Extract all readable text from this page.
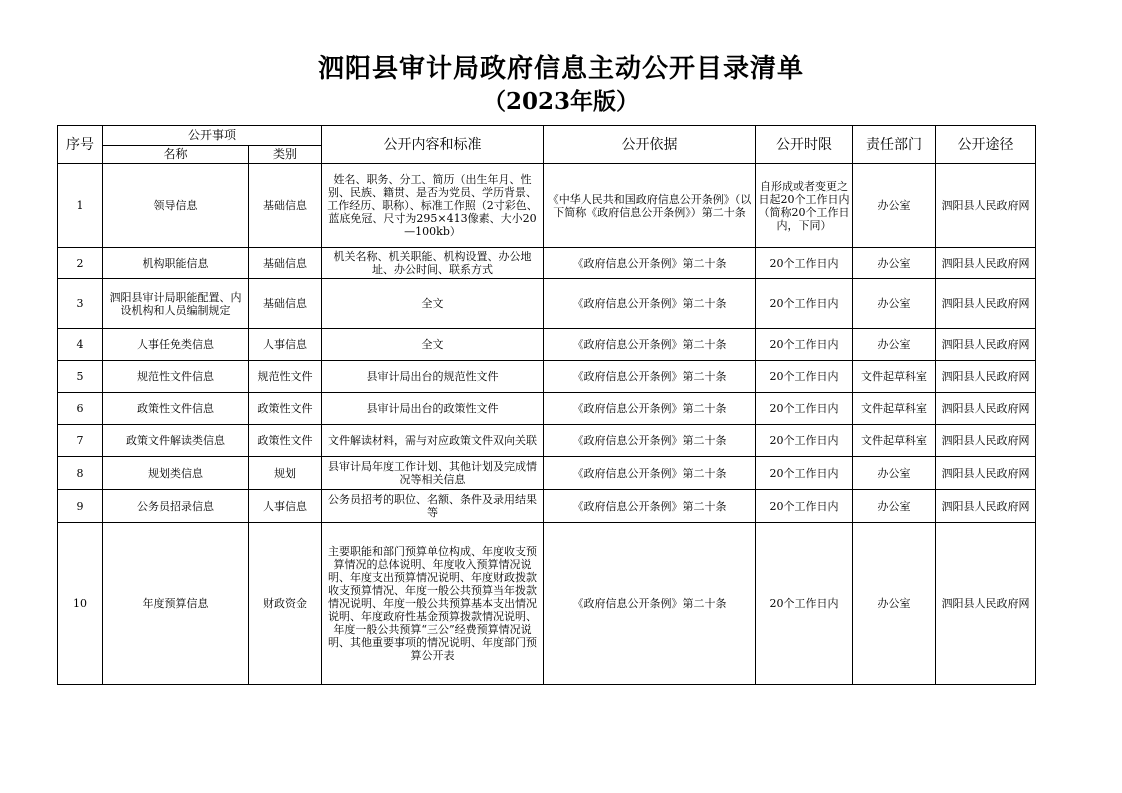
泗阳县审计局政府信息主动公开目录清单
（2023年版）
序号	公开事项		公开内容和标准	公开依据	公开时限	责任部门	公开途径
	名称	类别					
1	领导信息	基础信息	姓名、职务、分工、简历（出生年月、性别、民族、籍贯、是否为党员、学历背景、工作经历、职称）、标准工作照（2寸彩色、蓝底免冠、尺寸为295×413像素、大小20—100kb）	《中华人民共和国政府信息公开条例》（以下简称《政府信息公开条例》）第二十条	自形成或者变更之日起20个工作日内（简称20个工作日内，下同）	办公室	泗阳县人民政府网
2	机构职能信息	基础信息	机关名称、机关职能、机构设置、办公地址、办公时间、联系方式	《政府信息公开条例》第二十条	20个工作日内	办公室	泗阳县人民政府网
3	泗阳县审计局职能配置、内设机构和人员编制规定	基础信息	全文	《政府信息公开条例》第二十条	20个工作日内	办公室	泗阳县人民政府网
4	人事任免类信息	人事信息	全文	《政府信息公开条例》第二十条	20个工作日内	办公室	泗阳县人民政府网
5	规范性文件信息	规范性文件	县审计局出台的规范性文件	《政府信息公开条例》第二十条	20个工作日内	文件起草科室	泗阳县人民政府网
6	政策性文件信息	政策性文件	县审计局出台的政策性文件	《政府信息公开条例》第二十条	20个工作日内	文件起草科室	泗阳县人民政府网
7	政策文件解读类信息	政策性文件	文件解读材料，需与对应政策文件双向关联	《政府信息公开条例》第二十条	20个工作日内	文件起草科室	泗阳县人民政府网
8	规划类信息	规划	县审计局年度工作计划、其他计划及完成情况等相关信息	《政府信息公开条例》第二十条	20个工作日内	办公室	泗阳县人民政府网
9	公务员招录信息	人事信息	公务员招考的职位、名额、条件及录用结果等	《政府信息公开条例》第二十条	20个工作日内	办公室	泗阳县人民政府网
10	年度预算信息	财政资金	主要职能和部门预算单位构成、年度收支预算情况的总体说明、年度收入预算情况说明、年度支出预算情况说明、年度财政拨款收支预算情况、年度一般公共预算当年拨款情况说明、年度一般公共预算基本支出情况说明、年度政府性基金预算拨款情况说明、年度一般公共预算“三公”经费预算情况说明、其他重要事项的情况说明、年度部门预算公开表	《政府信息公开条例》第二十条	20个工作日内	办公室	泗阳县人民政府网
